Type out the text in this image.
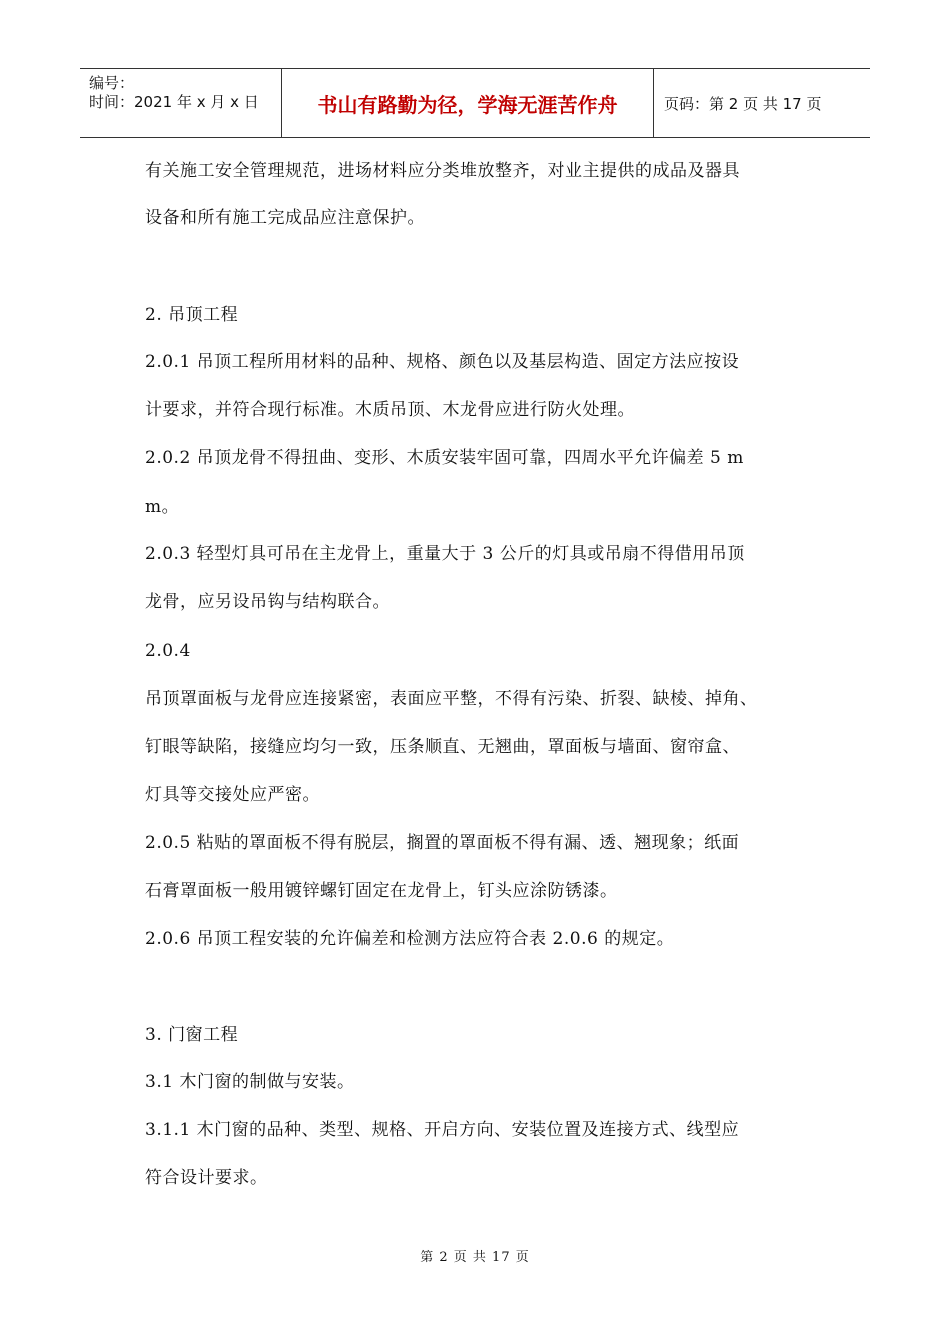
编号：
时间：2021 年 x 月 x 日	书山有路勤为径，学海无涯苦作舟	页码：第 2 页 共 17 页
有关施工安全管理规范，进场材料应分类堆放整齐，对业主提供的成品及器具
设备和所有施工完成品应注意保护。
2. 吊顶工程
2.0.1 吊顶工程所用材料的品种、规格、颜色以及基层构造、固定方法应按设
计要求，并符合现行标准。木质吊顶、木龙骨应进行防火处理。
2.0.2 吊顶龙骨不得扭曲、变形、木质安装牢固可靠，四周水平允许偏差 5 m
m。
2.0.3 轻型灯具可吊在主龙骨上，重量大于 3 公斤的灯具或吊扇不得借用吊顶
龙骨，应另设吊钩与结构联合。
2.0.4
吊顶罩面板与龙骨应连接紧密，表面应平整，不得有污染、折裂、缺棱、掉角、
钉眼等缺陷，接缝应均匀一致，压条顺直、无翘曲，罩面板与墙面、窗帘盒、
灯具等交接处应严密。
2.0.5 粘贴的罩面板不得有脱层，搁置的罩面板不得有漏、透、翘现象；纸面
石膏罩面板一般用镀锌螺钉固定在龙骨上，钉头应涂防锈漆。
2.0.6 吊顶工程安装的允许偏差和检测方法应符合表 2.0.6 的规定。
3. 门窗工程
3.1 木门窗的制做与安装。
3.1.1 木门窗的品种、类型、规格、开启方向、安装位置及连接方式、线型应
符合设计要求。
第 2 页 共 17 页
